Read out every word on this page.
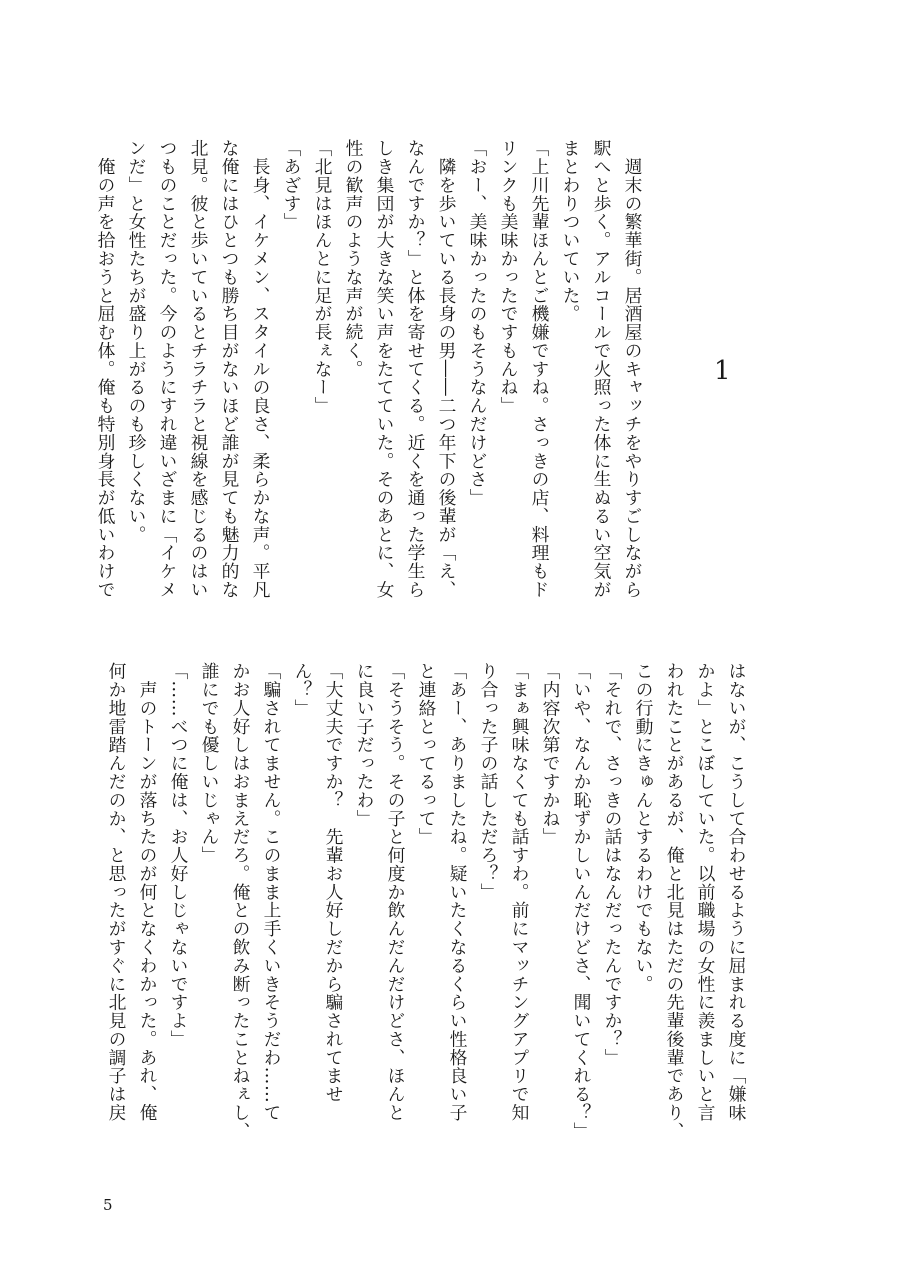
1
　週末の繁華街。居酒屋のキャッチをやりすごしながら
駅へと歩く。アルコールで火照った体に生ぬるい空気が
まとわりついていた。
「上川先輩ほんとご機嫌ですね。さっきの店、料理もド
リンクも美味かったですもんね」
「おー、美味かったのもそうなんだけどさ」
　隣を歩いている長身の男――二つ年下の後輩が「え、
なんですか？」と体を寄せてくる。近くを通った学生ら
しき集団が大きな笑い声をたてていた。そのあとに、女
性の歓声のような声が続く。
「北見はほんとに足が長ぇなー」
「あざす」
　長身、イケメン、スタイルの良さ、柔らかな声。平凡
な俺にはひとつも勝ち目がないほど誰が見ても魅力的な
北見。彼と歩いているとチラチラと視線を感じるのはい
つものことだった。今のようにすれ違いざまに「イケメ
ンだ」と女性たちが盛り上がるのも珍しくない。
　俺の声を拾おうと屈む体。俺も特別身長が低いわけで
はないが、こうして合わせるように屈まれる度に「嫌味
かよ」とこぼしていた。以前職場の女性に羨ましいと言
われたことがあるが、俺と北見はただの先輩後輩であり、
この行動にきゅんとするわけでもない。
「それで、さっきの話はなんだったんですか？」
「いや、なんか恥ずかしいんだけどさ、聞いてくれる？」
「内容次第ですかね」
「まぁ興味なくても話すわ。前にマッチングアプリで知
り合った子の話しただろ？」
「あー、ありましたね。疑いたくなるくらい性格良い子
と連絡とってるって」
「そうそう。その子と何度か飲んだんだけどさ、ほんと
に良い子だったわ」
「大丈夫ですか？　先輩お人好しだから騙されてませ
ん？」
「騙されてません。このまま上手くいきそうだわ……て
かお人好しはおまえだろ。俺との飲み断ったことねぇし、
誰にでも優しいじゃん」
「……べつに俺は、お人好しじゃないですよ」
　声のトーンが落ちたのが何となくわかった。あれ、俺
何か地雷踏んだのか、と思ったがすぐに北見の調子は戻
5
